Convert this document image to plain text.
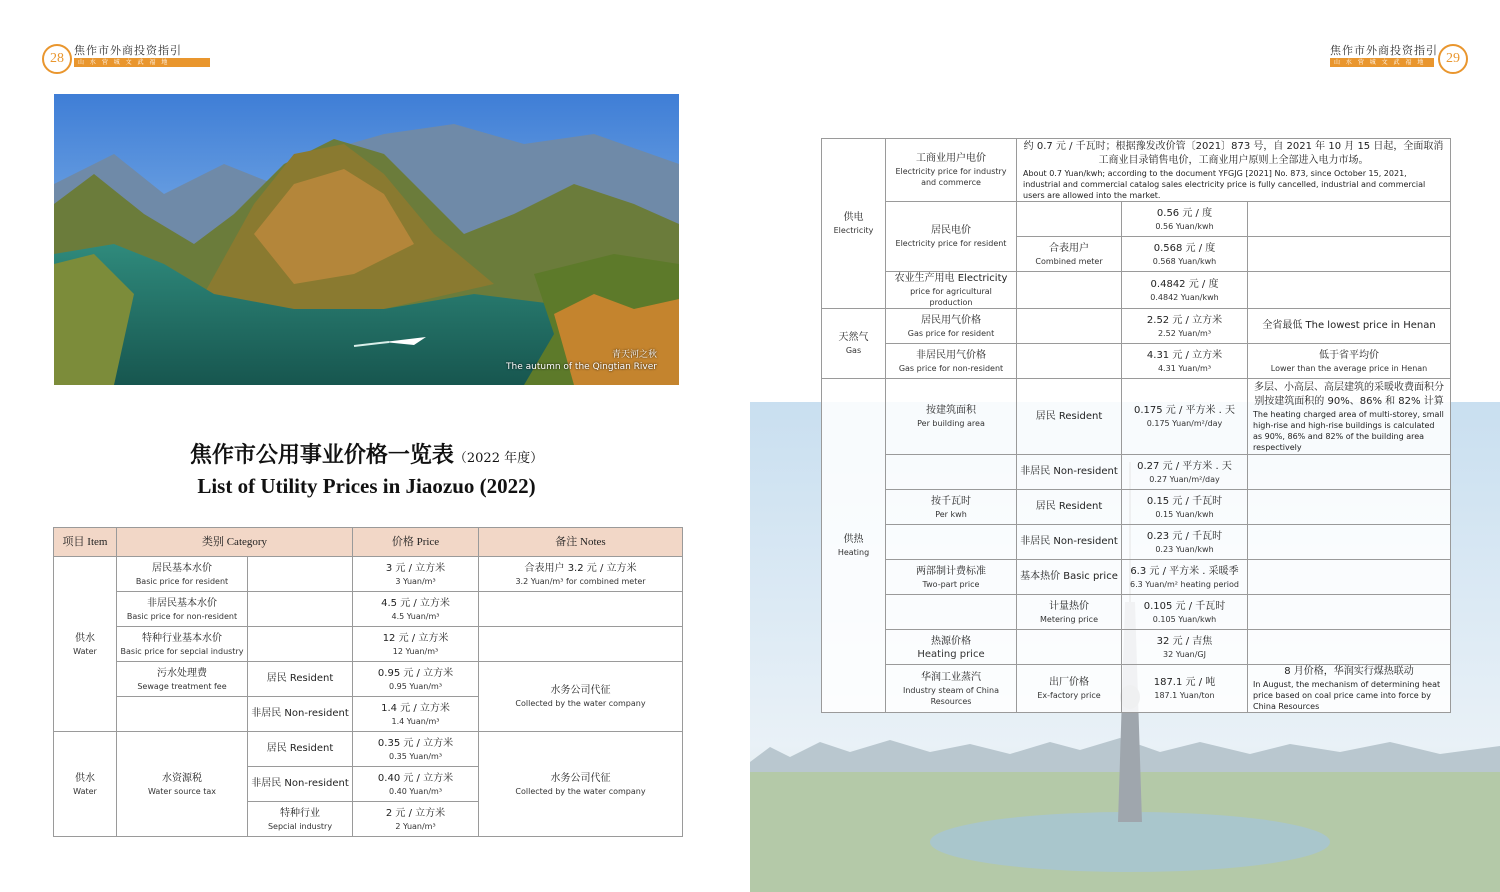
28
焦作市外商投资指引
山 水 营 城 文 武 福 地
焦作市外商投资指引
山 水 营 城 文 武 福 地	29
青天河之秋
The autumn of the Qingtian River
焦作市公用事业价格一览表（2022 年度）
List of Utility Prices in Jiaozuo (2022)
项目 Item	类别 Category		价格 Price	备注 Notes
供水
Water	居民基本水价
Basic price for resident		3 元 / 立方米
3 Yuan/m³	合表用户 3.2 元 / 立方米
3.2 Yuan/m³ for combined meter

	非居民基本水价
Basic price for non-resident		4.5 元 / 立方米
4.5 Yuan/m³	

	特种行业基本水价
Basic price for sepcial industry		12 元 / 立方米
12 Yuan/m³	

	污水处理费
Sewage treatment fee	居民 Resident	0.95 元 / 立方米
0.95 Yuan/m³	水务公司代征
Collected by the water company

		非居民 Non-resident	1.4 元 / 立方米
1.4 Yuan/m³	

供水
Water	水资源税
Water source tax	居民 Resident	0.35 元 / 立方米
0.35 Yuan/m³	水务公司代征
Collected by the water company

		非居民 Non-resident	0.40 元 / 立方米
0.40 Yuan/m³	

		特种行业
Sepcial industry	2 元 / 立方米
2 Yuan/m³	
供电
Electricity	工商业用户电价
Electricity price for industry and commerce	约 0.7 元 / 千瓦时；根据豫发改价管〔2021〕873 号，自 2021 年 10 月 15 日起，全面取消工商业目录销售电价，工商业用户原则上全部进入电力市场。
About 0.7 Yuan/kwh; according to the document YFGJG [2021] No. 873, since October 15, 2021, industrial and commercial catalog sales electricity price is fully cancelled, industrial and commercial users are allowed into the market.		

	居民电价
Electricity price for resident		0.56 元 / 度
0.56 Yuan/kwh	

		合表用户
Combined meter	0.568 元 / 度
0.568 Yuan/kwh	

	农业生产用电 Electricity
price for agricultural production		0.4842 元 / 度
0.4842 Yuan/kwh	

天然气
Gas	居民用气价格
Gas price for resident		2.52 元 / 立方米
2.52 Yuan/m³	全省最低 The lowest price in Henan
	非居民用气价格
Gas price for non-resident		4.31 元 / 立方米
4.31 Yuan/m³	低于省平均价
Lower than the average price in Henan

供热
Heating	按建筑面积
Per building area	居民 Resident	0.175 元 / 平方米 . 天
0.175 Yuan/m²/day	多层、小高层、高层建筑的采暖收费面积分别按建筑面积的 90%、86% 和 82% 计算
The heating charged area of multi-storey, small high-rise and high-rise buildings is calculated as 90%, 86% and 82% of the building area respectively

		非居民 Non-resident	0.27 元 / 平方米 . 天
0.27 Yuan/m²/day	

	按千瓦时
Per kwh	居民 Resident	0.15 元 / 千瓦时
0.15 Yuan/kwh	

		非居民 Non-resident	0.23 元 / 千瓦时
0.23 Yuan/kwh	

	两部制计费标准
Two-part price	基本热价 Basic price	6.3 元 / 平方米 . 采暖季
6.3 Yuan/m² heating period	

		计量热价
Metering price	0.105 元 / 千瓦时
0.105 Yuan/kwh	

	热源价格
Heating price		32 元 / 吉焦
32 Yuan/GJ	

	华润工业蒸汽
Industry steam of China Resources	出厂价格
Ex-factory price	187.1 元 / 吨
187.1 Yuan/ton	8 月价格，华润实行煤热联动
In August, the mechanism of determining heat price based on coal price came into force by China Resources
